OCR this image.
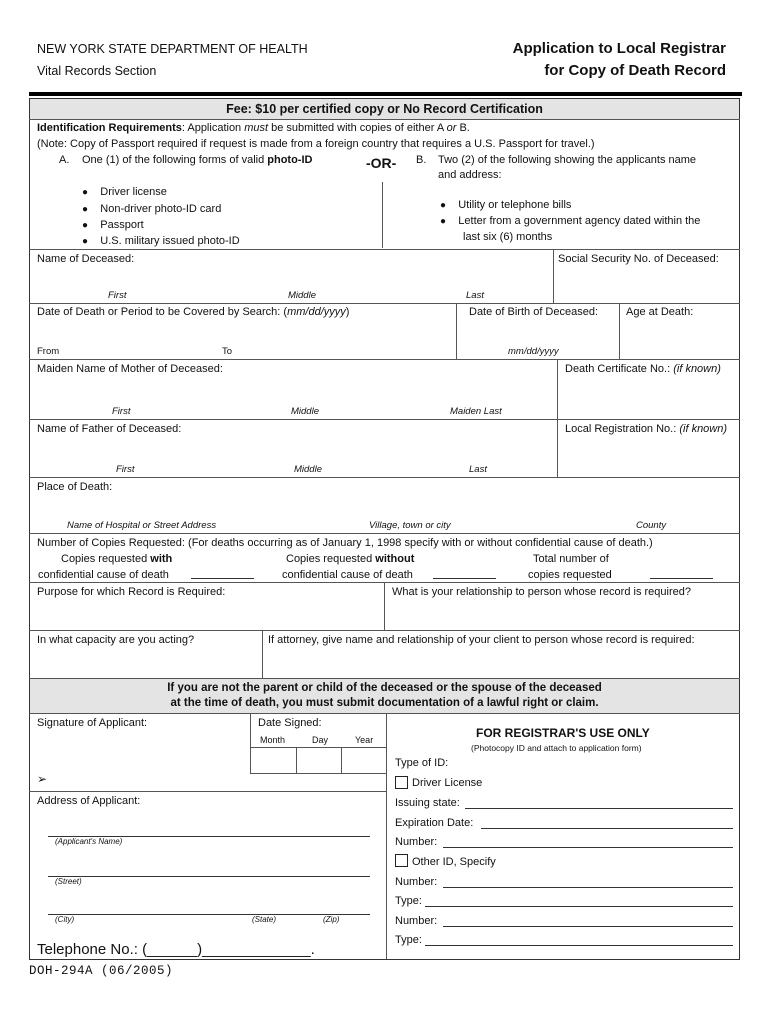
NEW YORK STATE DEPARTMENT OF HEALTH
Vital Records Section
Application to Local Registrar
for Copy of Death Record
Fee: $10 per certified copy or No Record Certification
Identification Requirements: Application must be submitted with copies of either A or B.
(Note: Copy of Passport required if request is made from a foreign country that requires a U.S. Passport for travel.)
A. One (1) of the following forms of valid photo-ID	-OR- B. Two (2) of the following showing the applicants name
and address:
● Driver license
● Non-driver photo-ID card
● Passport
● U.S. military issued photo-ID
● Utility or telephone bills
● Letter from a government agency dated within the
last six (6) months
Name of Deceased:	Social Security No. of Deceased:
First	Middle	Last
Date of Death or Period to be Covered by Search: (mm/dd/yyyy)	Date of Birth of Deceased:	Age at Death:
From	To	mm/dd/yyyy
Maiden Name of Mother of Deceased:	Death Certificate No.: (if known)
First	Middle	Maiden Last
Name of Father of Deceased:	Local Registration No.: (if known)
First	Middle	Last
Place of Death:
Name of Hospital or Street Address	Village, town or city	County
Number of Copies Requested: (For deaths occurring as of January 1, 1998 specify with or without confidential cause of death.)
Copies requested with
confidential cause of death
Copies requested without
confidential cause of death
Total number of
copies requested
Purpose for which Record is Required:	What is your relationship to person whose record is required?
In what capacity are you acting?	If attorney, give name and relationship of your client to person whose record is required:
If you are not the parent or child of the deceased or the spouse of the deceased
at the time of death, you must submit documentation of a lawful right or claim.
Signature of Applicant:	Date Signed:
Month	Day	Year
➢
Address of Applicant:
(Applicant's Name)
(Street)
(City)	(State)	(Zip)
Telephone No.: (______)_____________.
FOR REGISTRAR'S USE ONLY
(Photocopy ID and attach to application form)
Type of ID:
Driver License
Issuing state:
Expiration Date:
Number:
Other ID, Specify
Number:
Type:
Number:
Type:
DOH-294A (06/2005)
